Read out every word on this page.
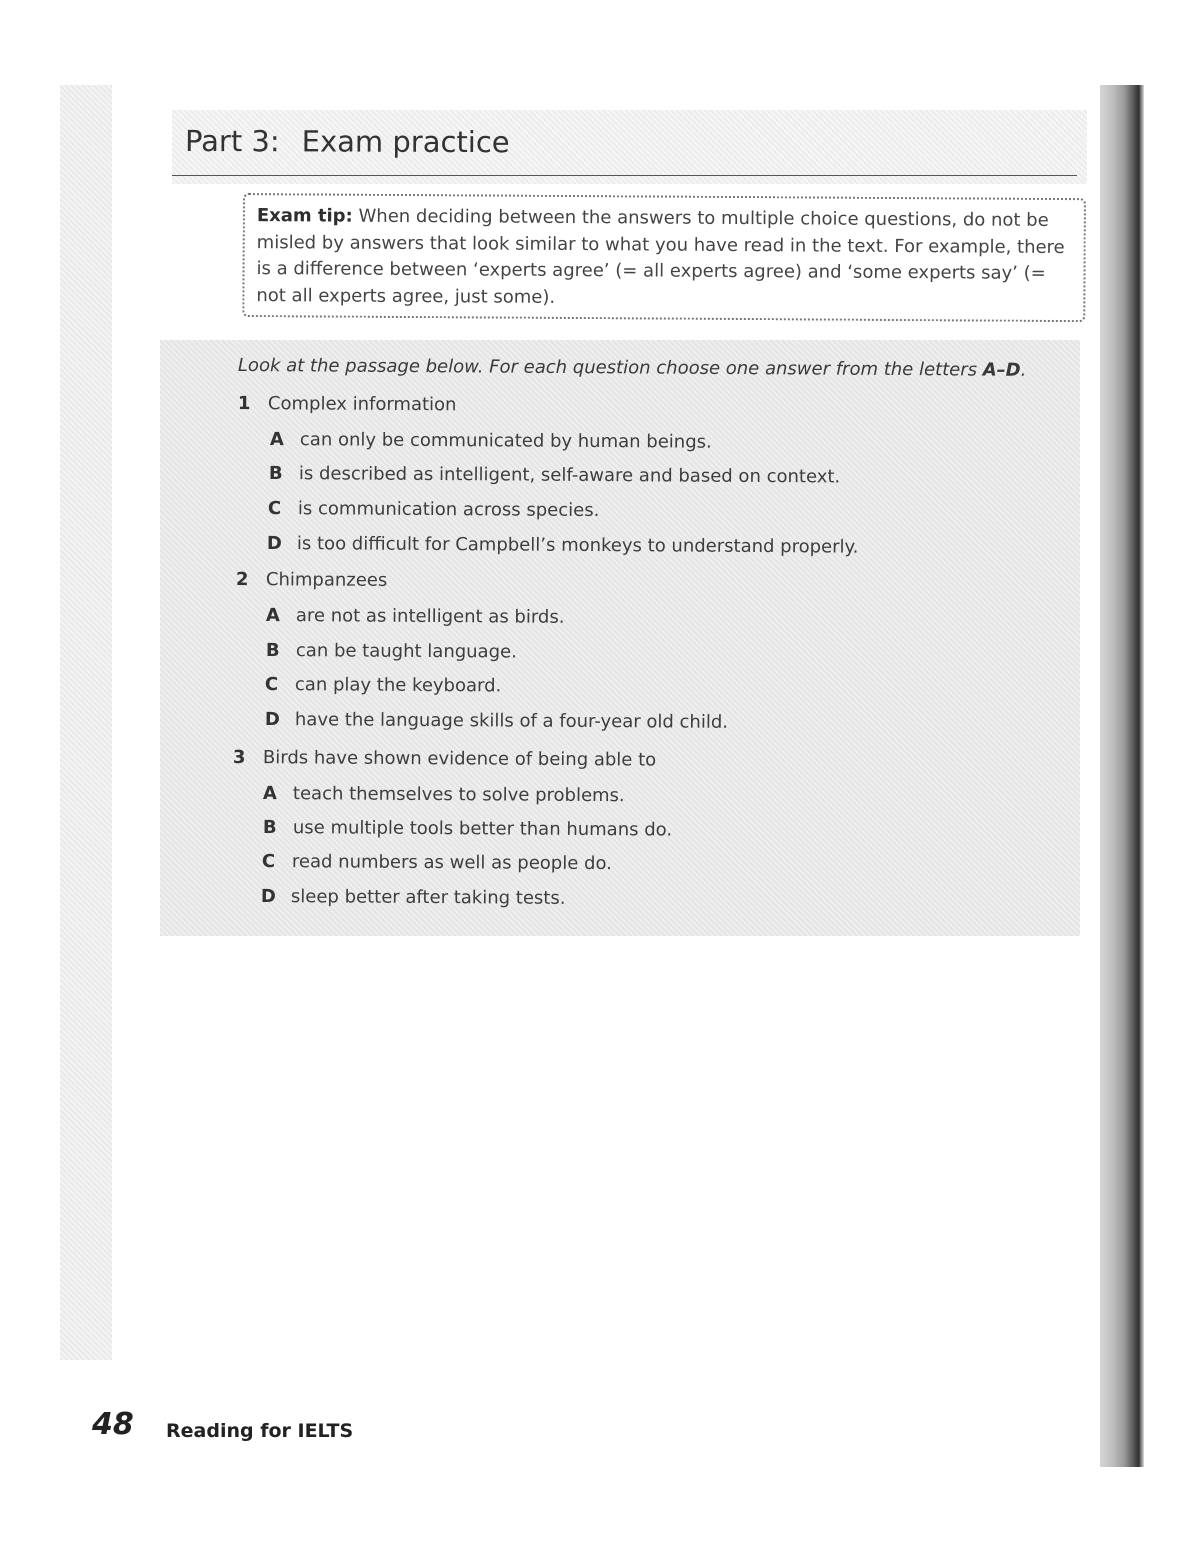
Part 3: Exam practice
Exam tip: When deciding between the answers to multiple choice questions, do not be misled by answers that look similar to what you have read in the text. For example, there is a difference between ‘experts agree’ (= all experts agree) and ‘some experts say’ (= not all experts agree, just some).
Look at the passage below. For each question choose one answer from the letters A–D.
1 Complex information
A can only be communicated by human beings.
B is described as intelligent, self-aware and based on context.
C is communication across species.
D is too difficult for Campbell’s monkeys to understand properly.
2 Chimpanzees
A are not as intelligent as birds.
B can be taught language.
C can play the keyboard.
D have the language skills of a four-year old child.
3 Birds have shown evidence of being able to
A teach themselves to solve problems.
B use multiple tools better than humans do.
C read numbers as well as people do.
D sleep better after taking tests.
48 Reading for IELTS
